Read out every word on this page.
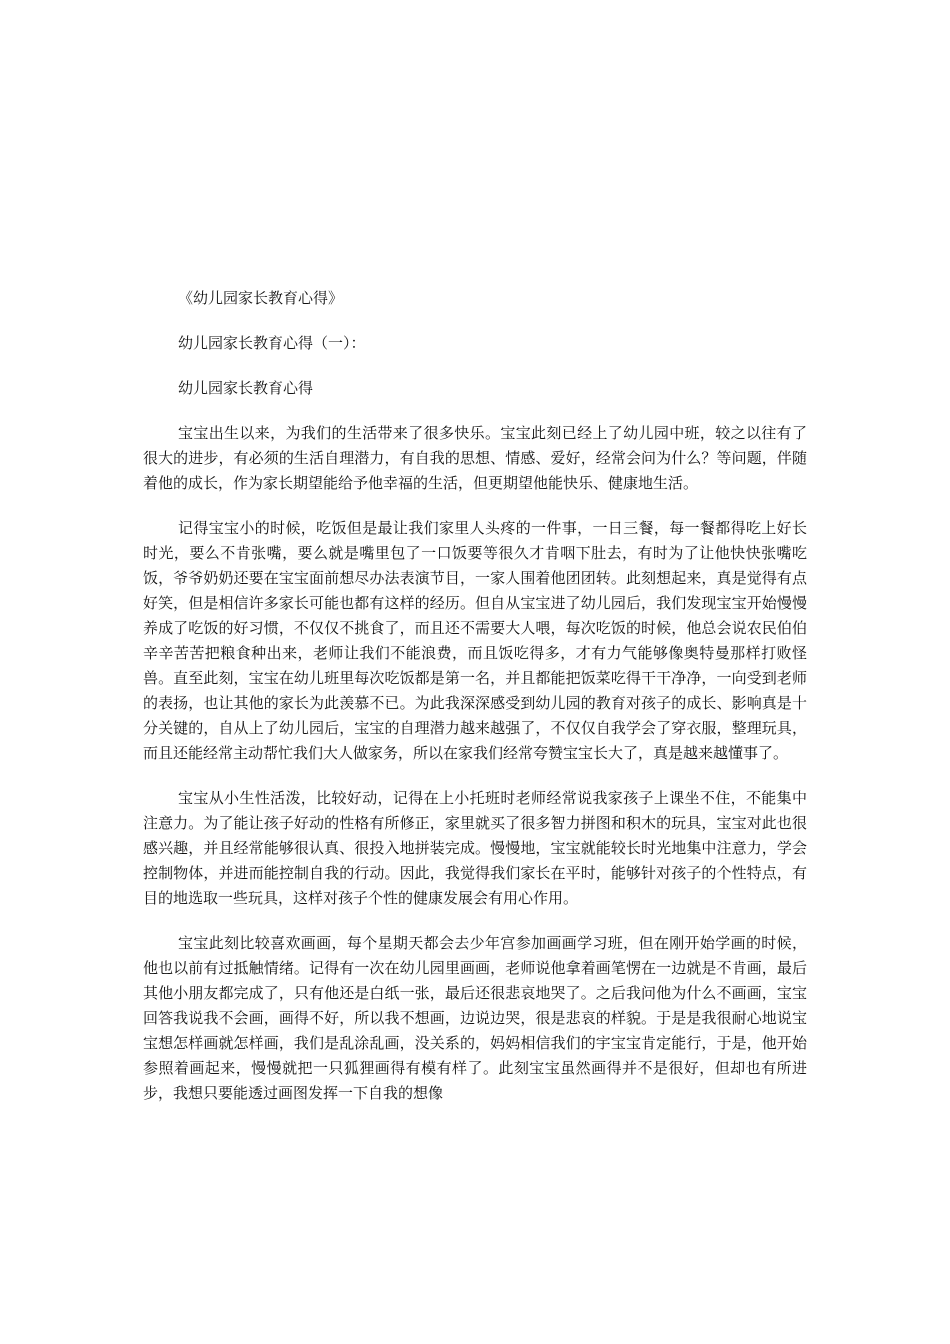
《幼儿园家长教育心得》

幼儿园家长教育心得（一）：

幼儿园家长教育心得

宝宝出生以来，为我们的生活带来了很多快乐。宝宝此刻已经上了幼儿园中班，较之以往有了很大的进步，有必须的生活自理潜力，有自我的思想、情感、爱好，经常会问为什么？等问题，伴随着他的成长，作为家长期望能给予他幸福的生活，但更期望他能快乐、健康地生活。

记得宝宝小的时候，吃饭但是最让我们家里人头疼的一件事，一日三餐，每一餐都得吃上好长时光，要么不肯张嘴，要么就是嘴里包了一口饭要等很久才肯咽下肚去，有时为了让他快快张嘴吃饭，爷爷奶奶还要在宝宝面前想尽办法表演节目，一家人围着他团团转。此刻想起来，真是觉得有点好笑，但是相信许多家长可能也都有这样的经历。但自从宝宝进了幼儿园后，我们发现宝宝开始慢慢养成了吃饭的好习惯，不仅仅不挑食了，而且还不需要大人喂，每次吃饭的时候，他总会说农民伯伯辛辛苦苦把粮食种出来，老师让我们不能浪费，而且饭吃得多，才有力气能够像奥特曼那样打败怪兽。直至此刻，宝宝在幼儿班里每次吃饭都是第一名，并且都能把饭菜吃得干干净净，一向受到老师的表扬，也让其他的家长为此羡慕不已。为此我深深感受到幼儿园的教育对孩子的成长、影响真是十分关键的，自从上了幼儿园后，宝宝的自理潜力越来越强了，不仅仅自我学会了穿衣服，整理玩具，而且还能经常主动帮忙我们大人做家务，所以在家我们经常夸赞宝宝长大了，真是越来越懂事了。

宝宝从小生性活泼，比较好动，记得在上小托班时老师经常说我家孩子上课坐不住，不能集中注意力。为了能让孩子好动的性格有所修正，家里就买了很多智力拼图和积木的玩具，宝宝对此也很感兴趣，并且经常能够很认真、很投入地拼装完成。慢慢地，宝宝就能较长时光地集中注意力，学会控制物体，并进而能控制自我的行动。因此，我觉得我们家长在平时，能够针对孩子的个性特点，有目的地选取一些玩具，这样对孩子个性的健康发展会有用心作用。

宝宝此刻比较喜欢画画，每个星期天都会去少年宫参加画画学习班，但在刚开始学画的时候，他也以前有过抵触情绪。记得有一次在幼儿园里画画，老师说他拿着画笔愣在一边就是不肯画，最后其他小朋友都完成了，只有他还是白纸一张，最后还很悲哀地哭了。之后我问他为什么不画画，宝宝回答我说我不会画，画得不好，所以我不想画，边说边哭，很是悲哀的样貌。于是是我很耐心地说宝宝想怎样画就怎样画，我们是乱涂乱画，没关系的，妈妈相信我们的宇宝宝肯定能行，于是，他开始参照着画起来，慢慢就把一只狐狸画得有模有样了。此刻宝宝虽然画得并不是很好，但却也有所进步，我想只要能透过画图发挥一下自我的想像
